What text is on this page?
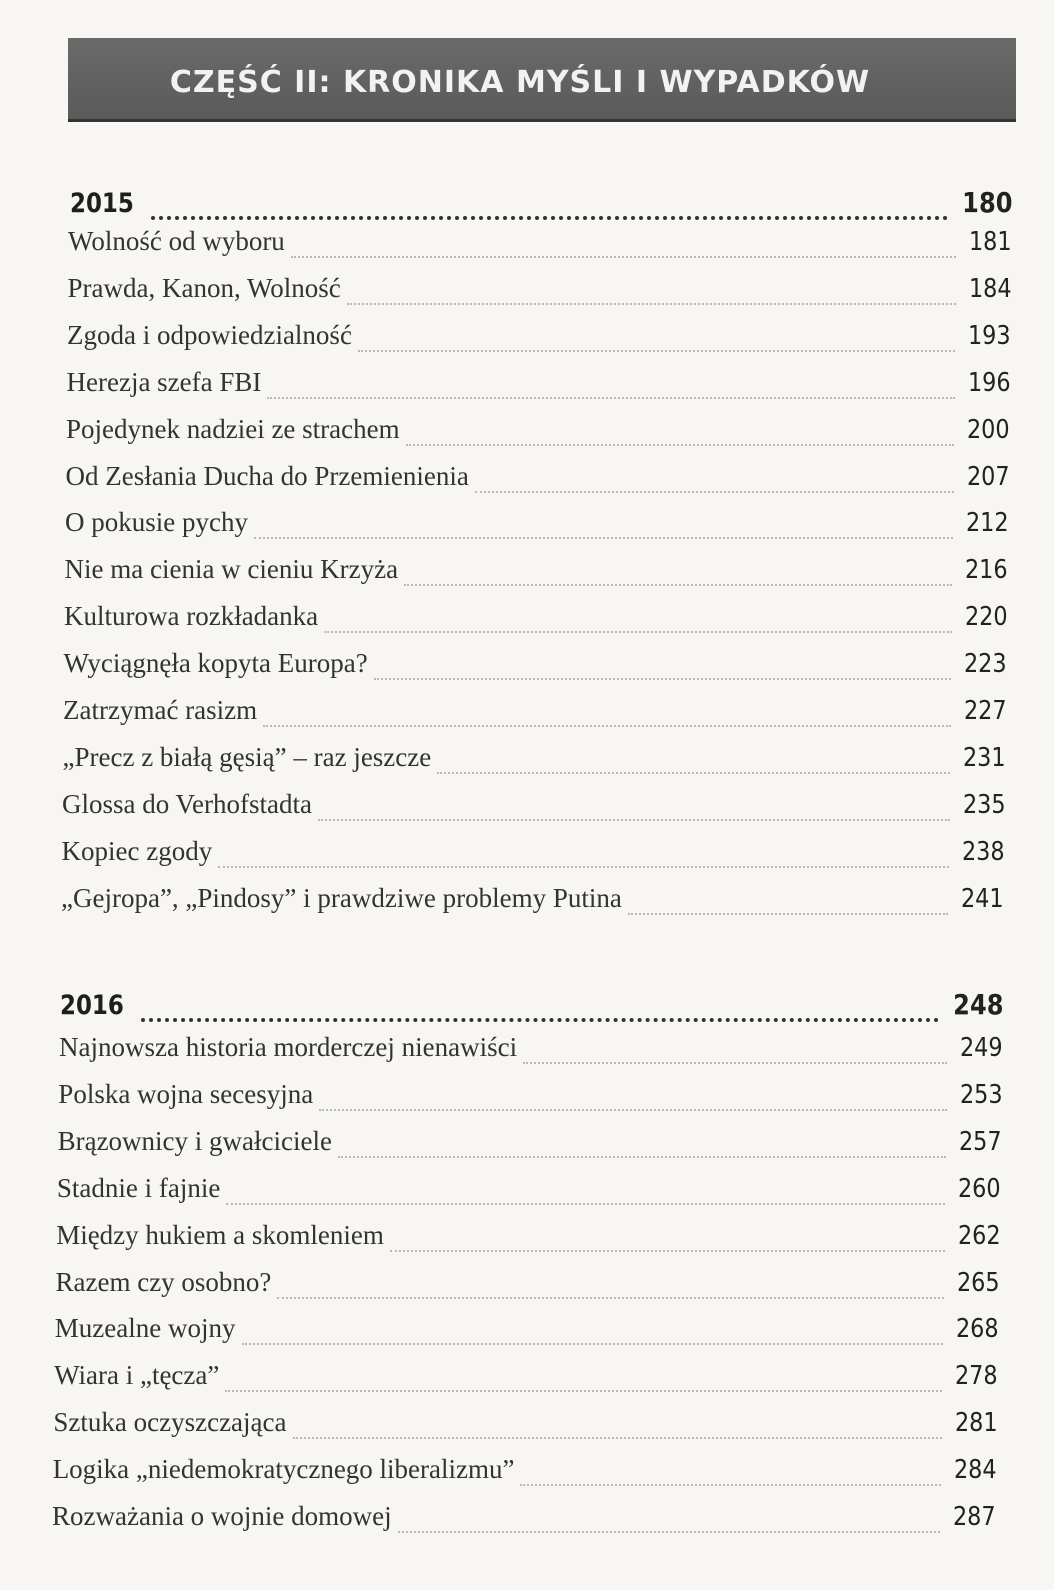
CZĘŚĆ II: KRONIKA MYŚLI I WYPADKÓW
2015	180
Wolność od wyboru	181
Prawda, Kanon, Wolność	184
Zgoda i odpowiedzialność	193
Herezja szefa FBI	196
Pojedynek nadziei ze strachem	200
Od Zesłania Ducha do Przemienienia	207
O pokusie pychy	212
Nie ma cienia w cieniu Krzyża	216
Kulturowa rozkładanka	220
Wyciągnęła kopyta Europa?	223
Zatrzymać rasizm	227
„Precz z białą gęsią” – raz jeszcze	231
Glossa do Verhofstadta	235
Kopiec zgody	238
„Gejropa”, „Pindosy” i prawdziwe problemy Putina	241
2016	248
Najnowsza historia morderczej nienawiści	249
Polska wojna secesyjna	253
Brązownicy i gwałciciele	257
Stadnie i fajnie	260
Między hukiem a skomleniem	262
Razem czy osobno?	265
Muzealne wojny	268
Wiara i „tęcza”	278
Sztuka oczyszczająca	281
Logika „niedemokratycznego liberalizmu”	284
Rozważania o wojnie domowej	287
